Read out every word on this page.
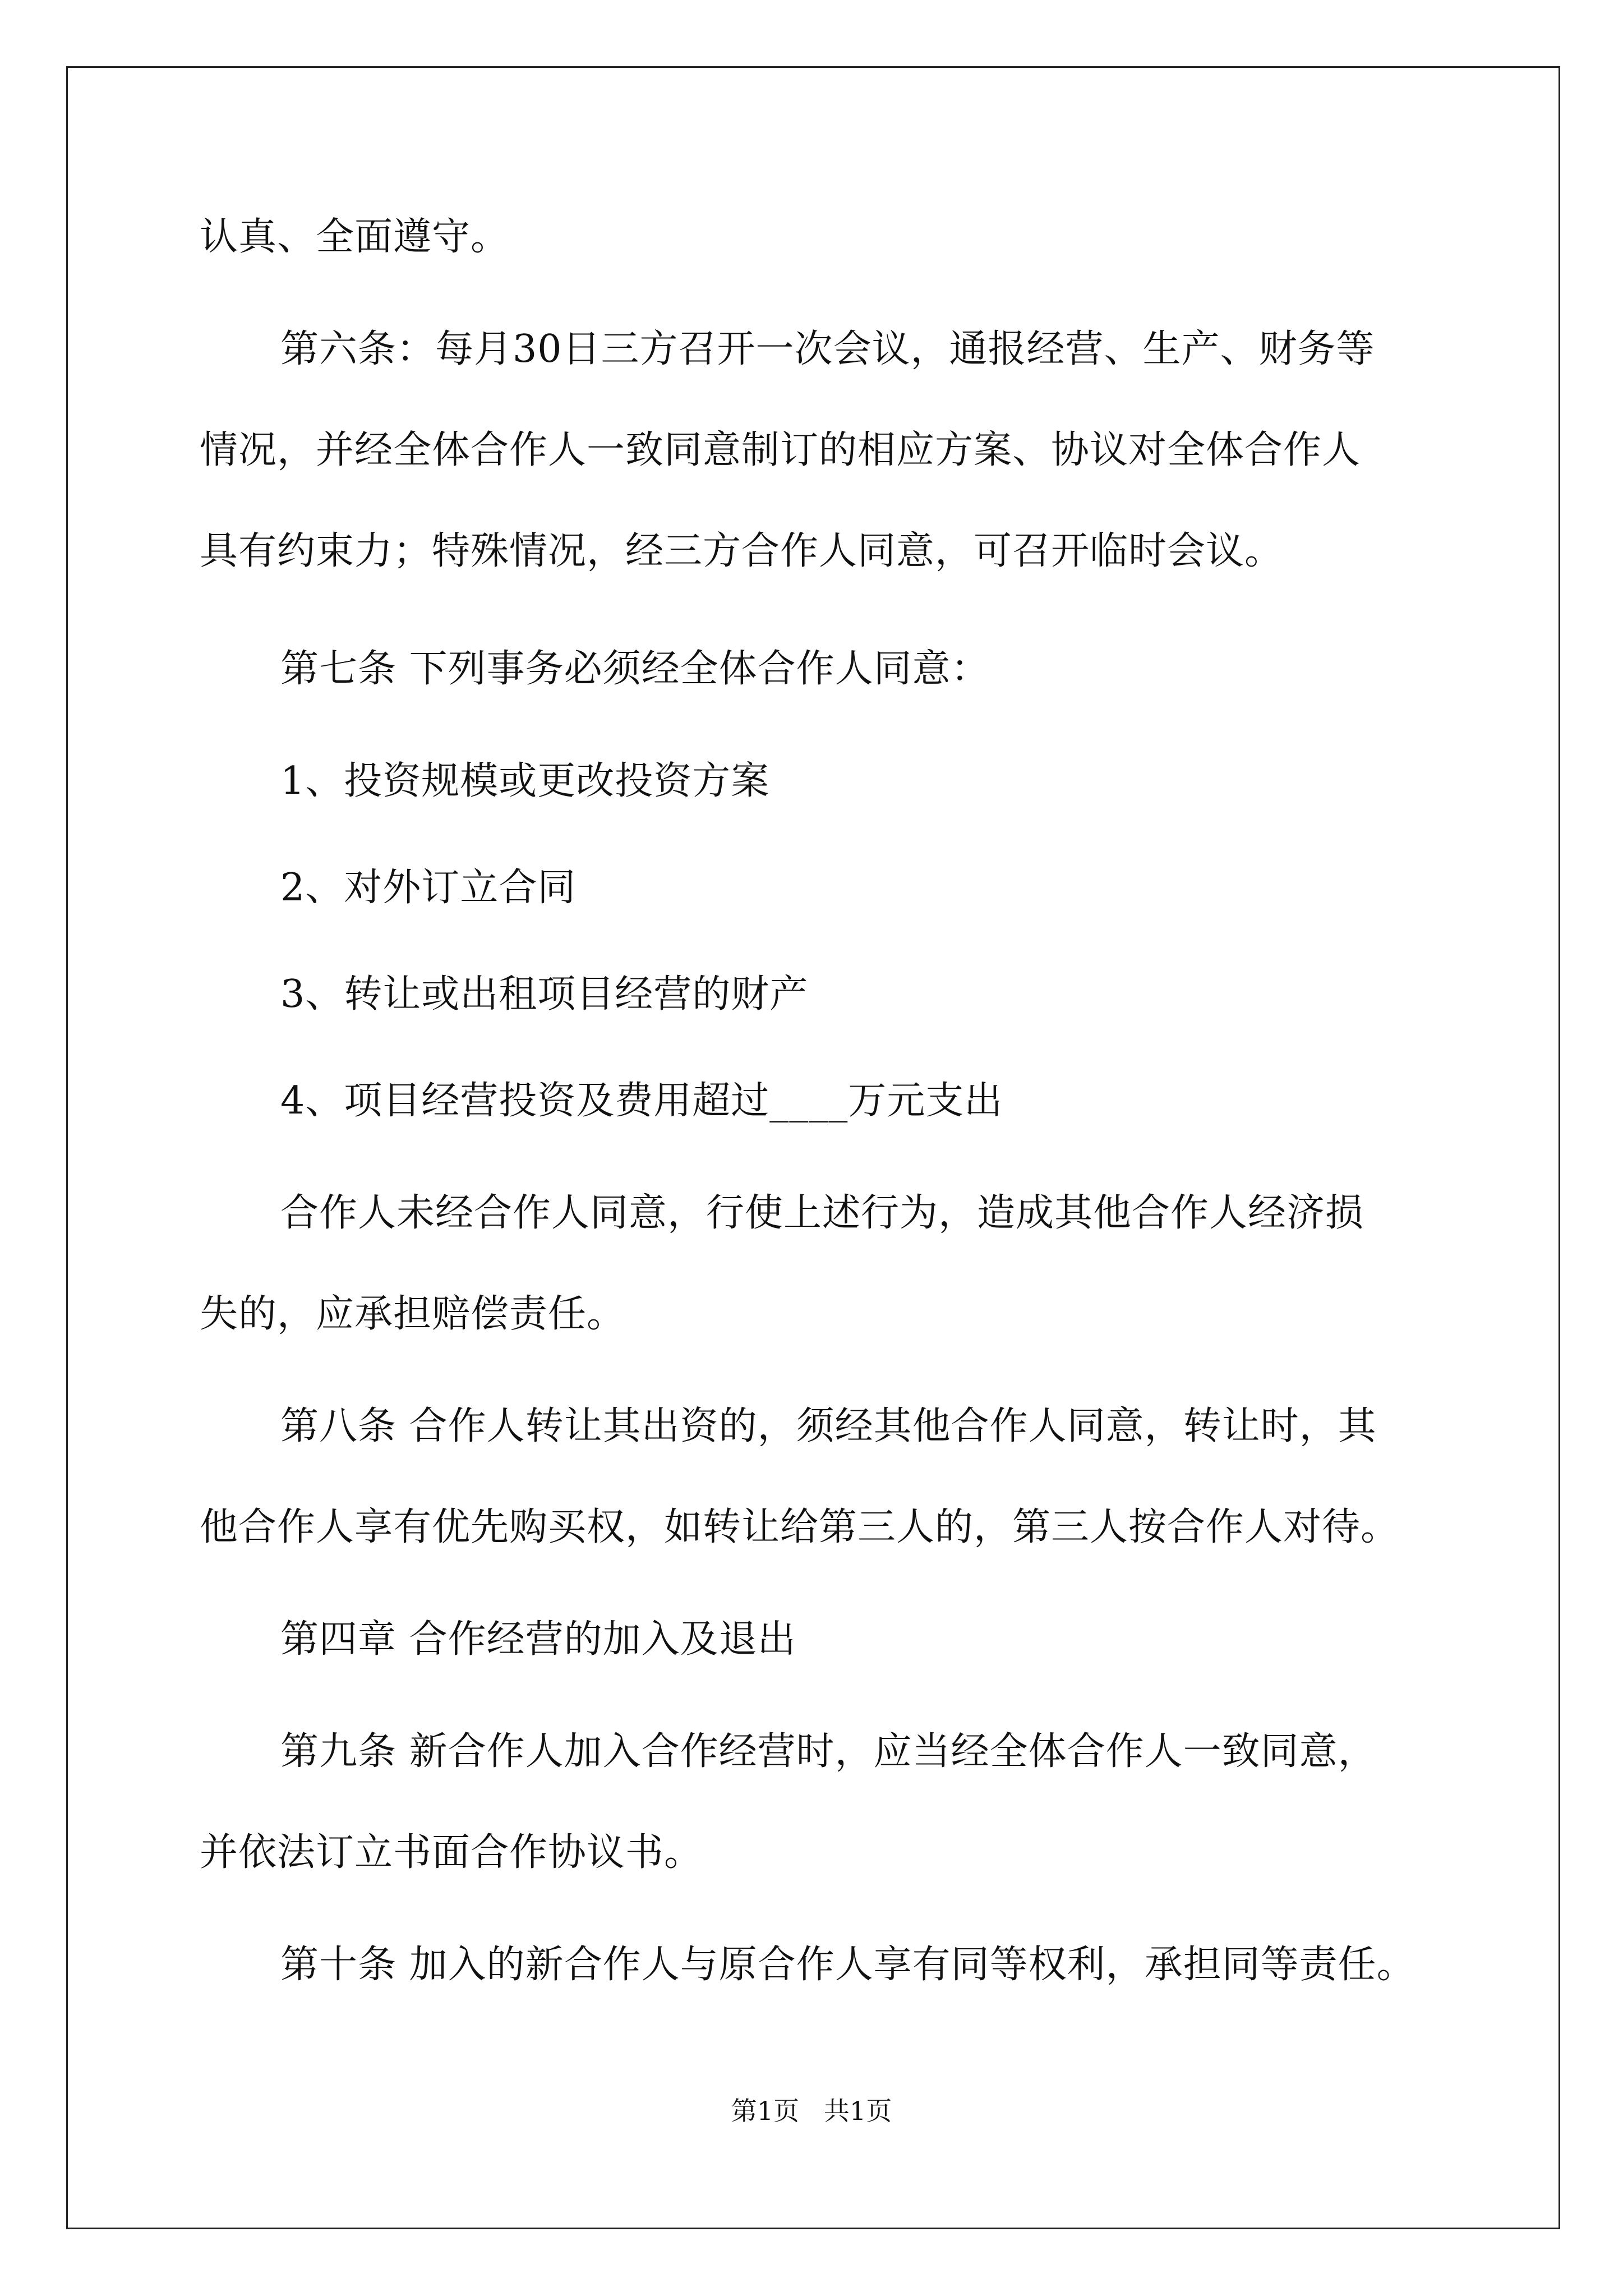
认真、全面遵守。
第六条：每月30日三方召开一次会议，通报经营、生产、财务等
情况，并经全体合作人一致同意制订的相应方案、协议对全体合作人
具有约束力；特殊情况，经三方合作人同意，可召开临时会议。
第七条 下列事务必须经全体合作人同意：
1、投资规模或更改投资方案
2、对外订立合同
3、转让或出租项目经营的财产
4、项目经营投资及费用超过____万元支出
合作人未经合作人同意，行使上述行为，造成其他合作人经济损
失的，应承担赔偿责任。
第八条 合作人转让其出资的，须经其他合作人同意，转让时，其
他合作人享有优先购买权，如转让给第三人的，第三人按合作人对待。
第四章 合作经营的加入及退出
第九条 新合作人加入合作经营时，应当经全体合作人一致同意，
并依法订立书面合作协议书。
第十条 加入的新合作人与原合作人享有同等权利，承担同等责任。
第1页   共1页
